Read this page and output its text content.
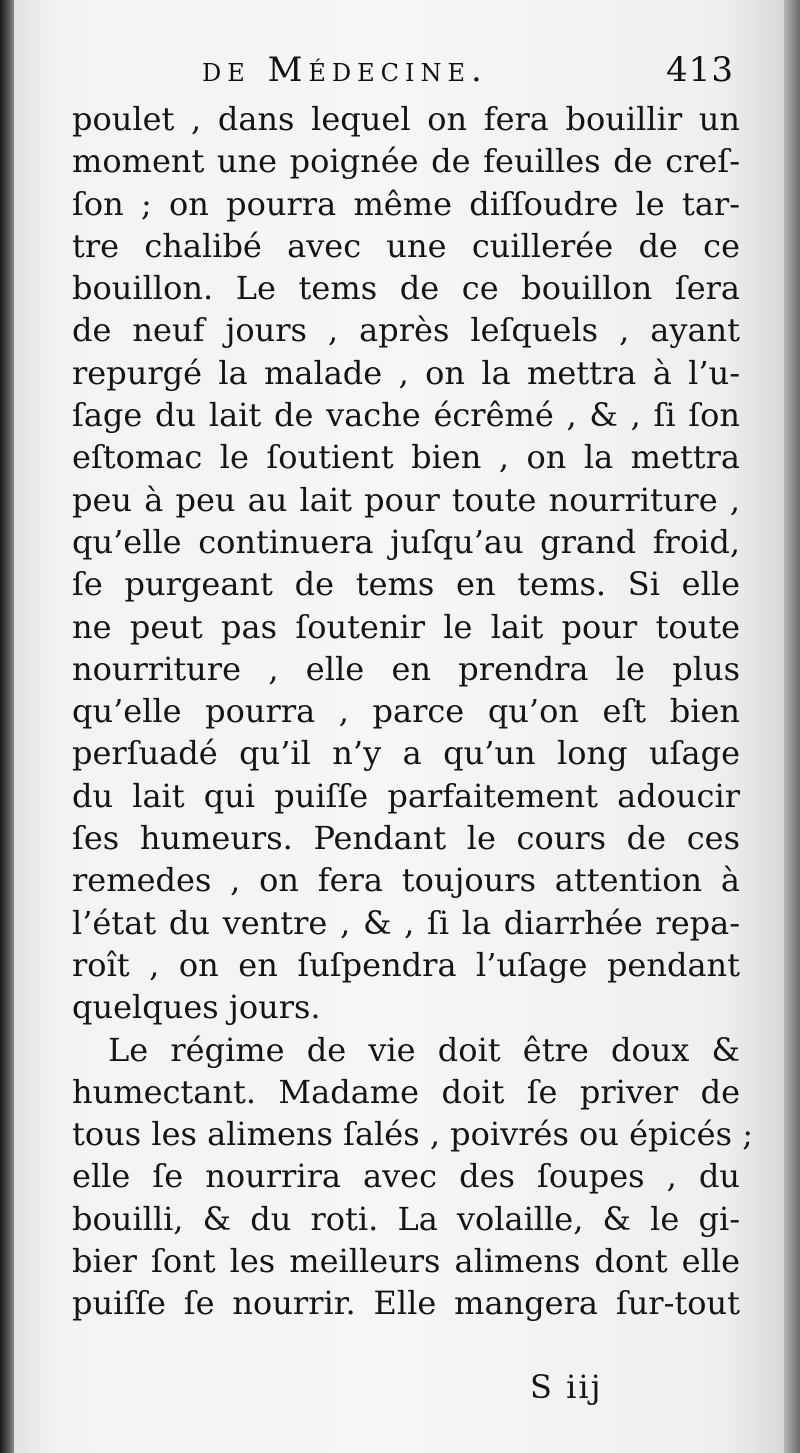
de Médecine.	413
poulet , dans lequel on fera bouillir un
moment une poignée de feuilles de creſ-
ſon ; on pourra même diſſoudre le tar-
tre chalibé avec une cuillerée de ce
bouillon. Le tems de ce bouillon ſera
de neuf jours , après leſquels , ayant
repurgé la malade , on la mettra à l’u-
ſage du lait de vache écrêmé , & , ſi ſon
eſtomac le ſoutient bien , on la mettra
peu à peu au lait pour toute nourriture ,
qu’elle continuera juſqu’au grand froid,
ſe purgeant de tems en tems. Si elle
ne peut pas ſoutenir le lait pour toute
nourriture , elle en prendra le plus
qu’elle pourra , parce qu’on eſt bien
perſuadé qu’il n’y a qu’un long uſage
du lait qui puiſſe parfaitement adoucir
ſes humeurs. Pendant le cours de ces
remedes , on fera toujours attention à
l’état du ventre , & , ſi la diarrhée repa-
roît , on en ſuſpendra l’uſage pendant
quelques jours.
Le régime de vie doit être doux &
humectant. Madame doit ſe priver de
tous les alimens ſalés , poivrés ou épicés ;
elle ſe nourrira avec des ſoupes , du
bouilli, & du roti. La volaille, & le gi-
bier ſont les meilleurs alimens dont elle
puiſſe ſe nourrir. Elle mangera ſur-tout
S iij
